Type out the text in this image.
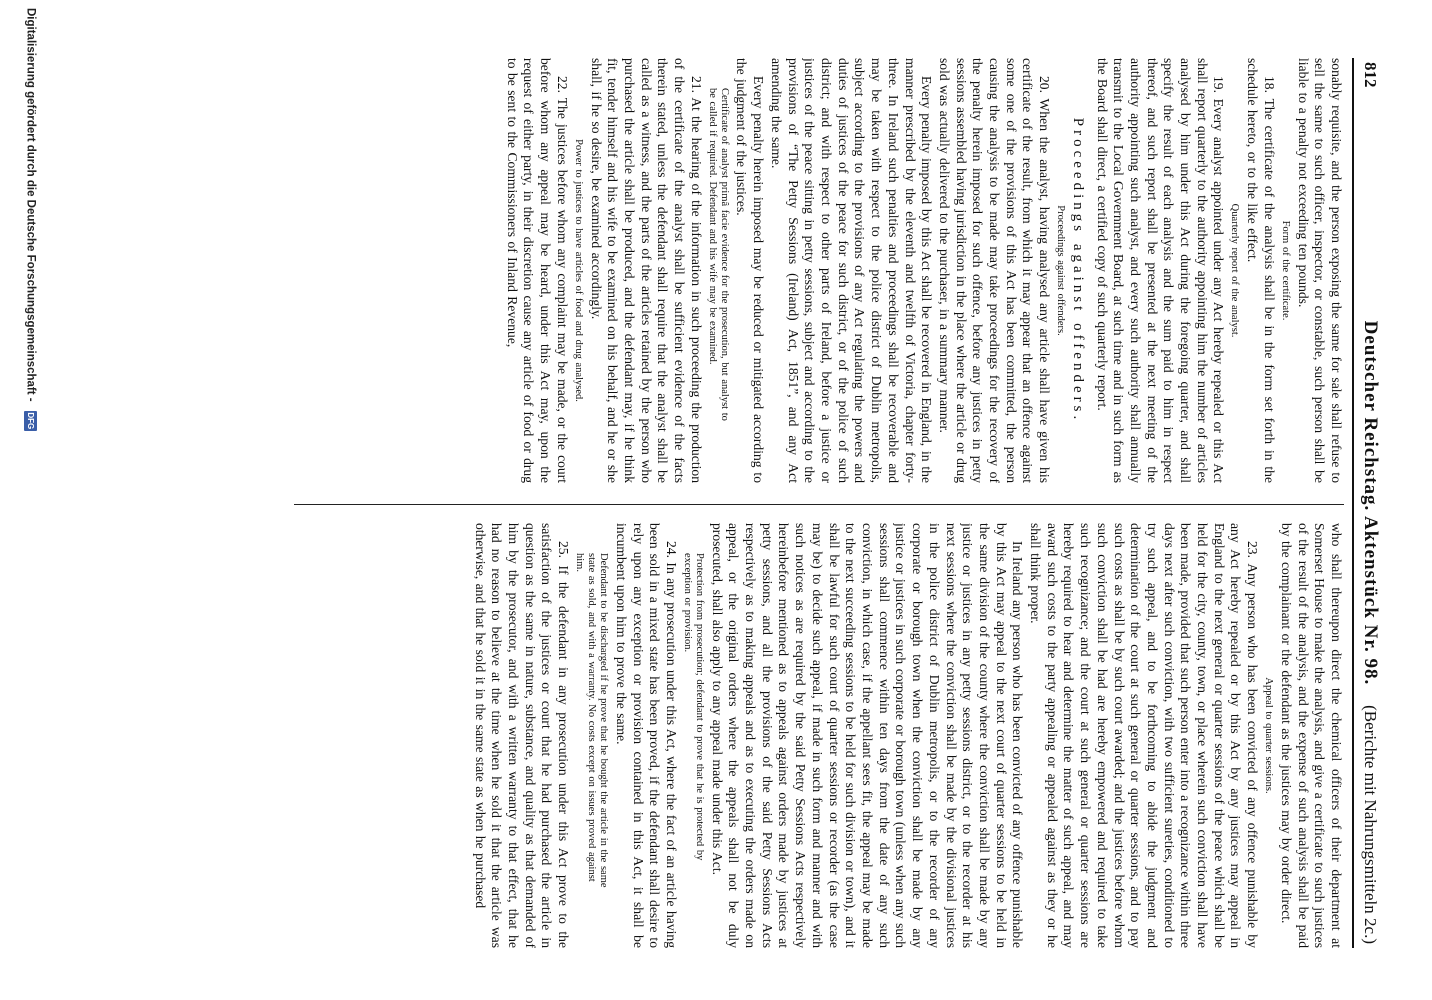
812
Deutscher Reichstag. Aktenstück Nr. 98.
(Berichte mit Nahrungsmitteln 2c.)

sonably requisite, and the person exposing the same for sale shall refuse to sell the same to such officer, inspector, or constable, such person shall be liable to a penalty not exceeding ten pounds.

Form of the certificate.

18. The certificate of the analysis shall be in the form set forth in the schedule hereto, or to the like effect.

Quarterly report of the analyst.

19. Every analyst appointed under any Act hereby repealed or this Act shall report quarterly to the authority appointing him the number of articles analysed by him under this Act during the foregoing quarter, and shall specify the result of each analysis and the sum paid to him in respect thereof, and such report shall be presented at the next meeting of the authority appointing such analyst, and every such authority shall annually transmit to the Local Government Board, at such time and in such form as the Board shall direct, a certified copy of such quarterly report.

Proceedings against offenders.

Proceedings against offenders.

20. When the analyst, having analysed any article shall have given his certificate of the result, from which it may appear that an offence against some one of the provisions of this Act has been committed, the person causing the analysis to be made may take proceedings for the recovery of the penalty herein imposed for such offence, before any justices in petty sessions assembled having jurisdiction in the place where the article or drug sold was actually delivered to the purchaser, in a summary manner.

Every penalty imposed by this Act shall be recovered in England, in the manner prescribed by the eleventh and twelfth of Victoria, chapter forty-three. In Ireland such penalties and proceedings shall be recoverable and may be taken with respect to the police district of Dublin metropolis, subject according to the provisions of any Act regulating the powers and duties of justices of the peace for such district, or of the police of such district; and with respect to other parts of Ireland, before a justice or justices of the peace sitting in petty sessions, subject and according to the provisions of “The Petty Sessions (Ireland) Act, 1851”, and any Act amending the same.

Every penalty herein imposed may be reduced or mitigated according to the judgment of the justices.

Certificate of analyst primâ facie evidence for the prosecution, but analyst to be called if required. Defendant and his wife may be examined.

21. At the hearing of the information in such proceeding the production of the certificate of the analyst shall be sufficient evidence of the facts therein stated, unless the defendant shall require that the analyst shall be called as a witness, and the parts of the articles retained by the person who purchased the article shall be produced, and the defendant may, if he think fit, tender himself and his wife to be examined on his behalf, and he or she shall, if he so desire, be examined accordingly.

Power to justices to have articles of food and drug analysed.

22. The justices before whom any complaint may be made, or the court before whom any appeal may be heard, under this Act may, upon the request of either party, in their discretion cause any article of food or drug to be sent to the Commissioners of Inland Revenue,

who shall thereupon direct the chemical officers of their department at Somerset House to make the analysis, and give a certificate to such justices of the result of the analysis, and the expense of such analysis shall be paid by the complainant or the defendant as the justices may by order direct.

Appeal to quarter sessions.

23. Any person who has been convicted of any offence punishable by any Act hereby repealed or by this Act by any justices may appeal in England to the next general or quarter sessions of the peace which shall be held for the city, county, town, or place wherein such conviction shall have been made, provided that such person enter into a recognizance within three days next after such conviction, with two sufficient sureties, conditioned to try such appeal, and to be forthcoming to abide the judgment and determination of the court at such general or quarter sessions, and to pay such costs as shall be by such court awarded; and the justices before whom such conviction shall be had are hereby empowered and required to take such recognizance; and the court at such general or quarter sessions are hereby required to hear and determine the matter of such appeal, and may award such costs to the party appealing or appealed against as they or he shall think proper.

In Ireland any person who has been convicted of any offence punishable by this Act may appeal to the next court of quarter sessions to be held in the same division of the county where the conviction shall be made by any justice or justices in any petty sessions district, or to the recorder at his next sessions where the conviction shall be made by the divisional justices in the police district of Dublin metropolis, or to the recorder of any corporate or borough town when the conviction shall be made by any justice or justices in such corporate or borough town (unless when any such sessions shall commence within ten days from the date of any such conviction, in which case, if the appellant sees fit, the appeal may be made to the next succeeding sessions to be held for such division or town), and it shall be lawful for such court of quarter sessions or recorder (as the case may be) to decide such appeal, if made in such form and manner and with such notices as are required by the said Petty Sessions Acts respectively hereinbefore mentioned as to appeals against orders made by justices at petty sessions, and all the provisions of the said Petty Sessions Acts respectively as to making appeals and as to executing the orders made on appeal, or the original orders where the appeals shall not be duly prosecuted, shall also apply to any appeal made under this Act.

Protection from prosecution; defendant to prove that he is protected by exception or provision.

24. In any prosecution under this Act, where the fact of an article having been sold in a mixed state has been proved, if the defendant shall desire to rely upon any exception or provision contained in this Act, it shall be incumbent upon him to prove the same.

Defendant to be discharged if he prove that he bought the article in the same state as sold, and with a warranty. No costs except on issues proved against him.

25. If the defendant in any prosecution under this Act prove to the satisfaction of the justices or court that he had purchased the article in question as the same in nature, substance, and quality as that demanded of him by the prosecutor, and with a written warranty to that effect, that he had no reason to believe at the time when he sold it that the article was otherwise, and that he sold it in the same state as when he purchased

Digitalisierung gefördert durch die Deutsche Forschungsgemeinschaft - DFG
